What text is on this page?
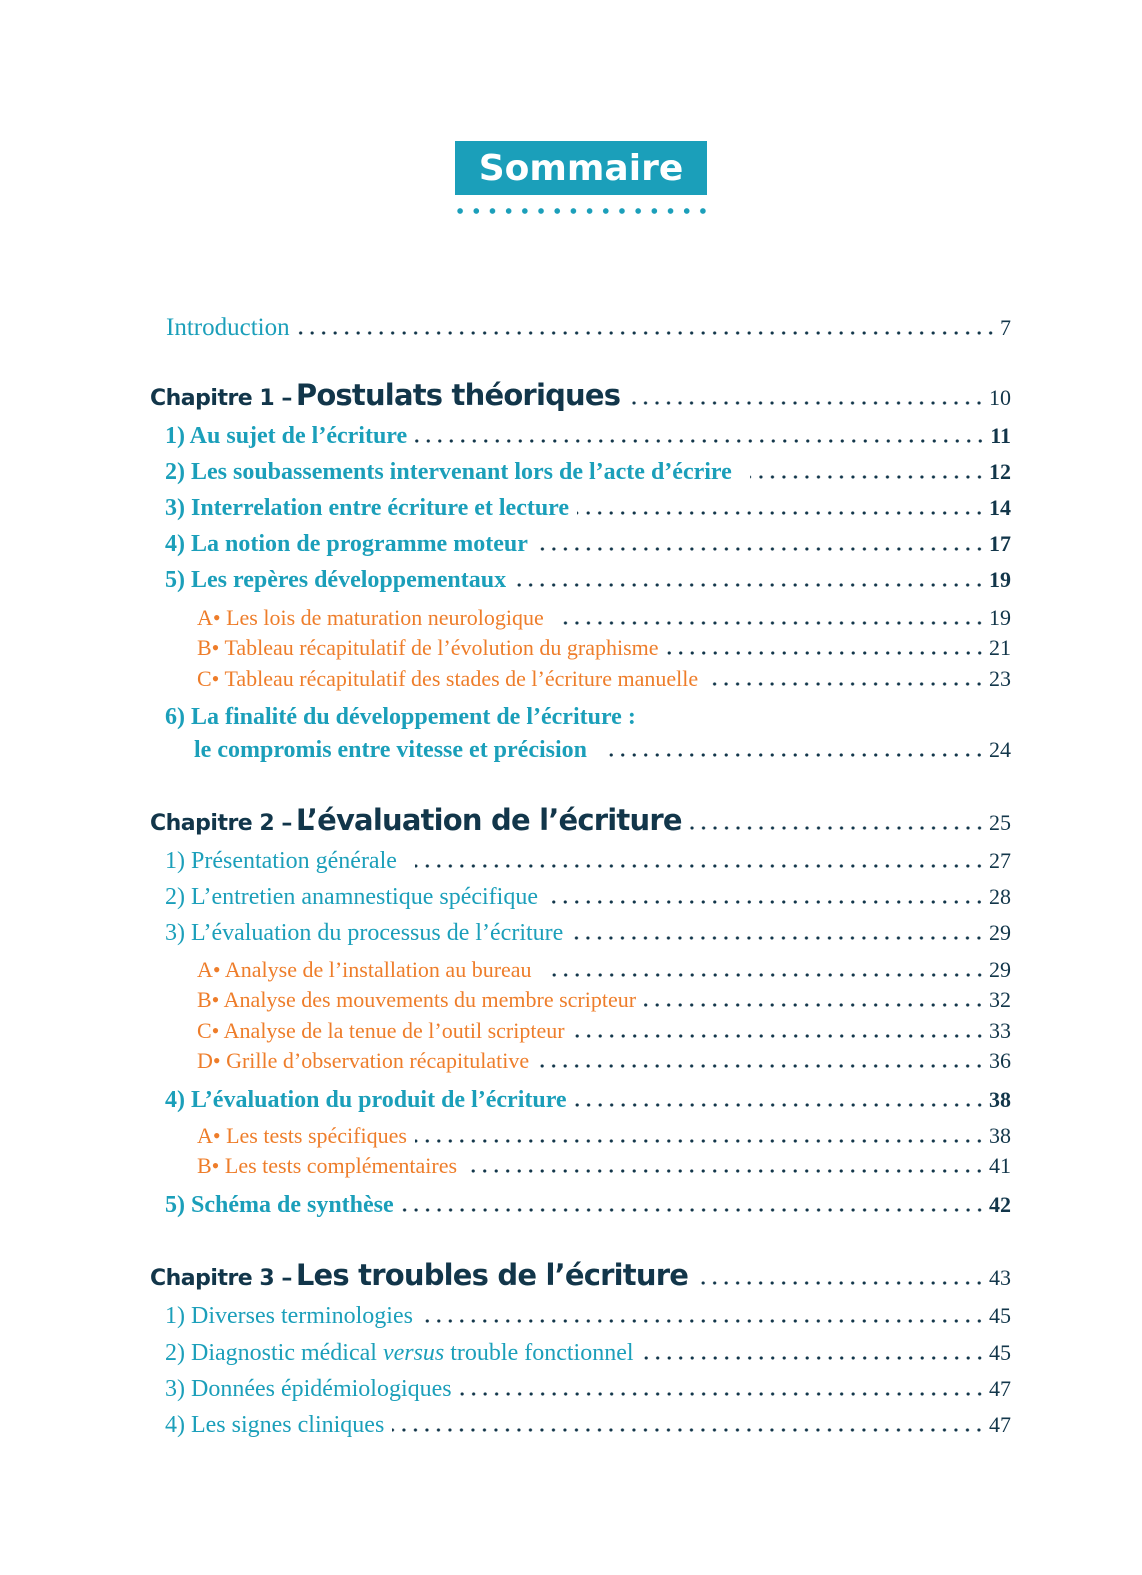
Sommaire
Introduction	7
Chapitre 1 – Postulats théoriques	10
1) Au sujet de l’écriture	11
2) Les soubassements intervenant lors de l’acte d’écrire	12
3) Interrelation entre écriture et lecture	14
4) La notion de programme moteur	17
5) Les repères développementaux	19
A• Les lois de maturation neurologique	19
B• Tableau récapitulatif de l’évolution du graphisme	21
C• Tableau récapitulatif des stades de l’écriture manuelle	23
6) La finalité du développement de l’écriture :
le compromis entre vitesse et précision	24
Chapitre 2 – L’évaluation de l’écriture	25
1) Présentation générale	27
2) L’entretien anamnestique spécifique	28
3) L’évaluation du processus de l’écriture	29
A• Analyse de l’installation au bureau	29
B• Analyse des mouvements du membre scripteur	32
C• Analyse de la tenue de l’outil scripteur	33
D• Grille d’observation récapitulative	36
4) L’évaluation du produit de l’écriture	38
A• Les tests spécifiques	38
B• Les tests complémentaires	41
5) Schéma de synthèse	42
Chapitre 3 – Les troubles de l’écriture	43
1) Diverses terminologies	45
2) Diagnostic médical versus trouble fonctionnel	45
3) Données épidémiologiques	47
4) Les signes cliniques	47
